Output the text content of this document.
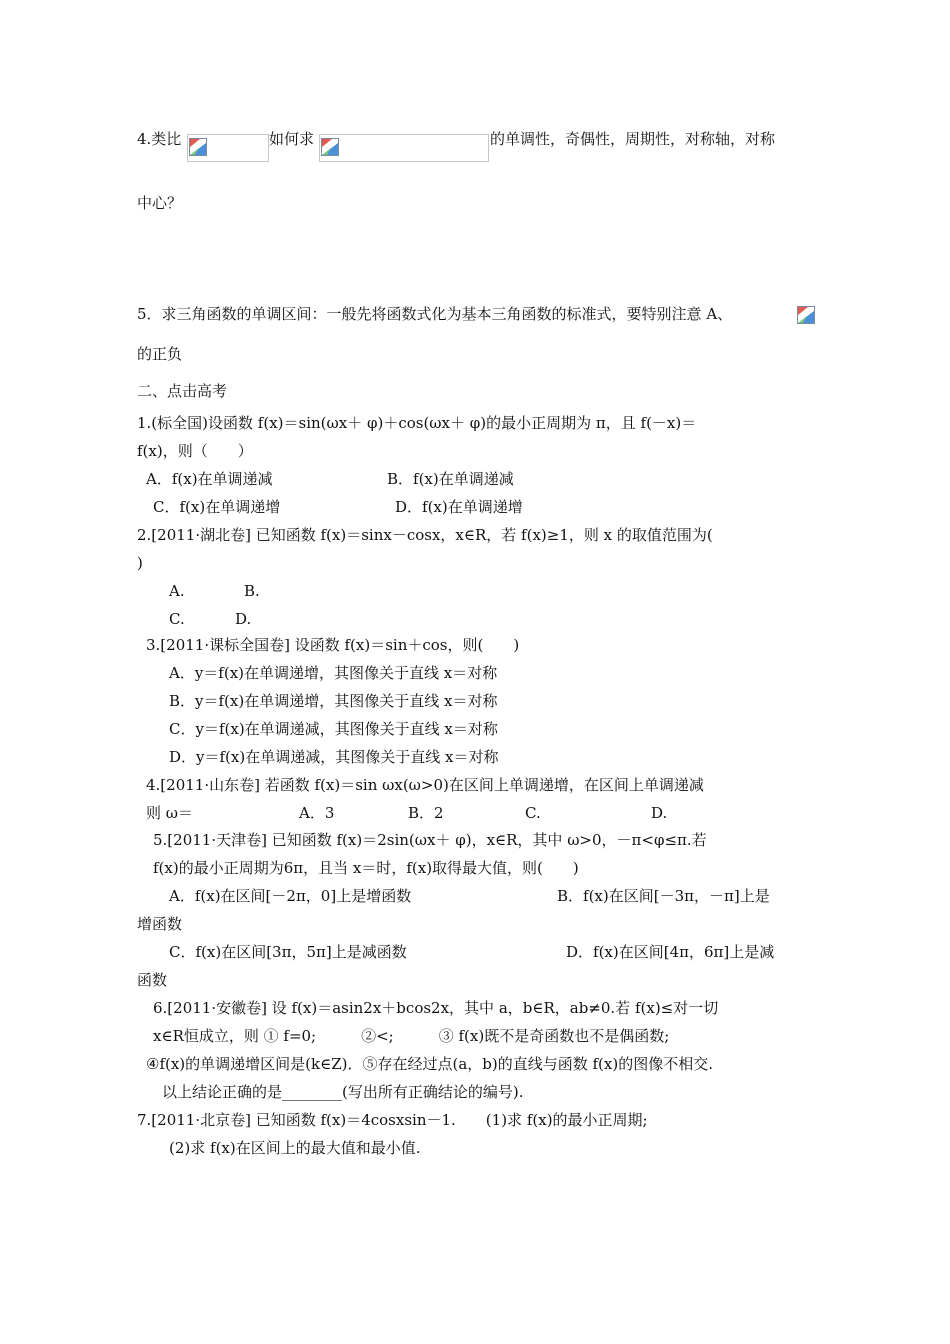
4.类比	如何求	的单调性，奇偶性，周期性，对称轴，对称
中心？
5．求三角函数的单调区间：一般先将函数式化为基本三角函数的标准式，要特别注意 A、
的正负
二、点击高考
1.(标全国)设函数 f(x)＝sin(ωx＋ φ)＋cos(ωx＋ φ)的最小正周期为 π，且 f(－x)＝
f(x)，则（　　）
A．f(x)在单调递减	B．f(x)在单调递减
C．f(x)在单调递增	D．f(x)在单调递增
2.[2011·湖北卷] 已知函数 f(x)＝sinx－cosx，x∈R，若 f(x)≥1，则 x 的取值范围为(
)
A.	B.
C.	D.
3.[2011·课标全国卷] 设函数 f(x)＝sin＋cos，则(　　)
A．y＝f(x)在单调递增，其图像关于直线 x＝对称
B．y＝f(x)在单调递增，其图像关于直线 x＝对称
C．y＝f(x)在单调递减，其图像关于直线 x＝对称
D．y＝f(x)在单调递减，其图像关于直线 x＝对称
4.[2011·山东卷] 若函数 f(x)＝sin ωx(ω>0)在区间上单调递增，在区间上单调递减
则 ω＝	A．3	B．2	C.	D.
5.[2011·天津卷] 已知函数 f(x)＝2sin(ωx＋ φ)，x∈R，其中 ω>0，－π<φ≤π.若
f(x)的最小正周期为6π，且当 x＝时，f(x)取得最大值，则(　　)
A．f(x)在区间[－2π，0]上是增函数	B．f(x)在区间[－3π，－π]上是
增函数
C．f(x)在区间[3π，5π]上是减函数	D．f(x)在区间[4π，6π]上是减
函数
6.[2011·安徽卷] 设 f(x)＝asin2x＋bcos2x，其中 a，b∈R，ab≠0.若 f(x)≤对一切
x∈R恒成立，则 ① f=0;　　　②<;　　　③ f(x)既不是奇函数也不是偶函数;
④f(x)的单调递增区间是(k∈Z)．⑤存在经过点(a，b)的直线与函数 f(x)的图像不相交.
以上结论正确的是________(写出所有正确结论的编号).
7.[2011·北京卷] 已知函数 f(x)＝4cosxsin－1.　　(1)求 f(x)的最小正周期;
(2)求 f(x)在区间上的最大值和最小值.
